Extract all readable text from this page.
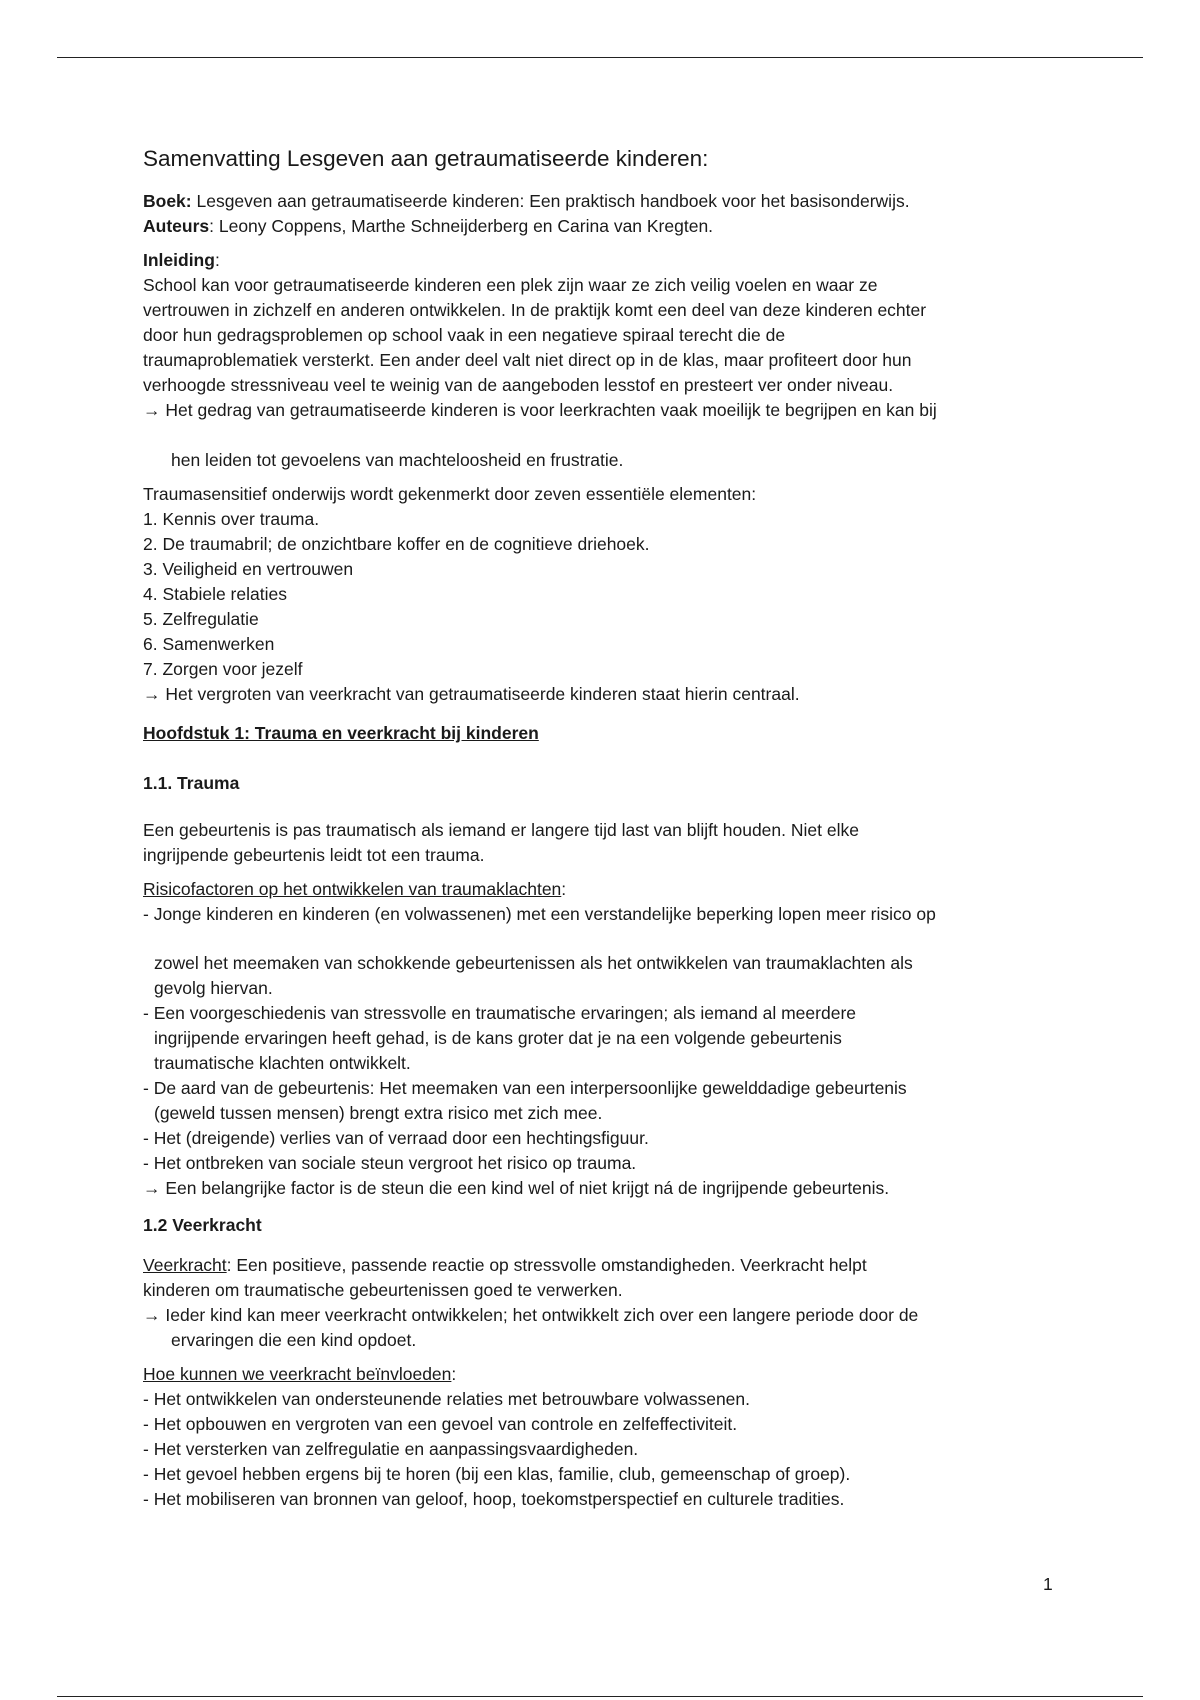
Samenvatting Lesgeven aan getraumatiseerde kinderen:

Boek: Lesgeven aan getraumatiseerde kinderen: Een praktisch handboek voor het basisonderwijs.

Auteurs: Leony Coppens, Marthe Schneijderberg en Carina van Kregten.

Inleiding:

School kan voor getraumatiseerde kinderen een plek zijn waar ze zich veilig voelen en waar ze

vertrouwen in zichzelf en anderen ontwikkelen. In de praktijk komt een deel van deze kinderen echter

door hun gedragsproblemen op school vaak in een negatieve spiraal terecht die de

traumaproblematiek versterkt. Een ander deel valt niet direct op in de klas, maar profiteert door hun

verhoogde stressniveau veel te weinig van de aangeboden lesstof en presteert ver onder niveau.

→ Het gedrag van getraumatiseerde kinderen is voor leerkrachten vaak moeilijk te begrijpen en kan bij

hen leiden tot gevoelens van machteloosheid en frustratie.

Traumasensitief onderwijs wordt gekenmerkt door zeven essentiële elementen:

1. Kennis over trauma.

2. De traumabril; de onzichtbare koffer en de cognitieve driehoek.

3. Veiligheid en vertrouwen

4. Stabiele relaties

5. Zelfregulatie

6. Samenwerken

7. Zorgen voor jezelf

→ Het vergroten van veerkracht van getraumatiseerde kinderen staat hierin centraal.

Hoofdstuk 1: Trauma en veerkracht bij kinderen

1.1. Trauma

Een gebeurtenis is pas traumatisch als iemand er langere tijd last van blijft houden. Niet elke

ingrijpende gebeurtenis leidt tot een trauma.

Risicofactoren op het ontwikkelen van traumaklachten:

- Jonge kinderen en kinderen (en volwassenen) met een verstandelijke beperking lopen meer risico op

zowel het meemaken van schokkende gebeurtenissen als het ontwikkelen van traumaklachten als

gevolg hiervan.

- Een voorgeschiedenis van stressvolle en traumatische ervaringen; als iemand al meerdere

ingrijpende ervaringen heeft gehad, is de kans groter dat je na een volgende gebeurtenis

traumatische klachten ontwikkelt.

- De aard van de gebeurtenis: Het meemaken van een interpersoonlijke gewelddadige gebeurtenis

(geweld tussen mensen) brengt extra risico met zich mee.

- Het (dreigende) verlies van of verraad door een hechtingsfiguur.

- Het ontbreken van sociale steun vergroot het risico op trauma.

→ Een belangrijke factor is de steun die een kind wel of niet krijgt ná de ingrijpende gebeurtenis.

1.2 Veerkracht

Veerkracht: Een positieve, passende reactie op stressvolle omstandigheden. Veerkracht helpt

kinderen om traumatische gebeurtenissen goed te verwerken.

→ Ieder kind kan meer veerkracht ontwikkelen; het ontwikkelt zich over een langere periode door de

ervaringen die een kind opdoet.

Hoe kunnen we veerkracht beïnvloeden:

- Het ontwikkelen van ondersteunende relaties met betrouwbare volwassenen.

- Het opbouwen en vergroten van een gevoel van controle en zelfeffectiviteit.

- Het versterken van zelfregulatie en aanpassingsvaardigheden.

- Het gevoel hebben ergens bij te horen (bij een klas, familie, club, gemeenschap of groep).

- Het mobiliseren van bronnen van geloof, hoop, toekomstperspectief en culturele tradities.

1
